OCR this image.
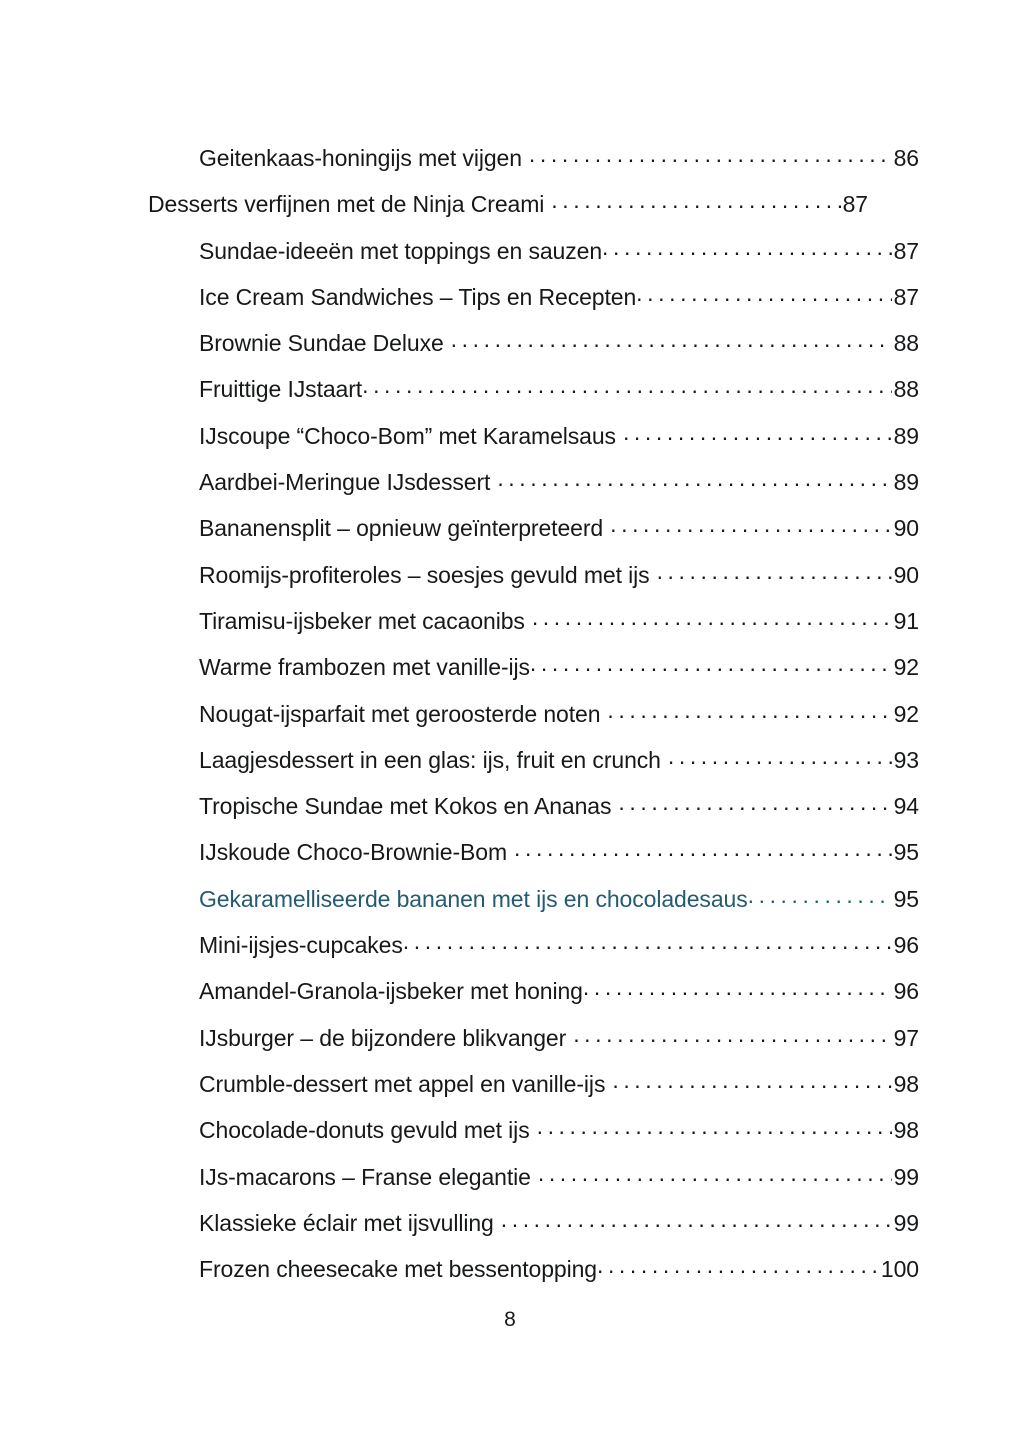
Geitenkaas-honingijs met vijgen . . .	86
Desserts verfijnen met de Ninja Creami . . .	87
Sundae-ideeën met toppings en sauzen . . .	87
Ice Cream Sandwiches – Tips en Recepten . . .	87
Brownie Sundae Deluxe . . .	88
Fruittige IJstaart . . .	88
IJscoupe “Choco-Bom” met Karamelsaus . . .	89
Aardbei-Meringue IJsdessert . . .	89
Bananensplit – opnieuw geïnterpreteerd . . .	90
Roomijs-profiteroles – soesjes gevuld met ijs . . .	90
Tiramisu-ijsbeker met cacaonibs . . .	91
Warme frambozen met vanille-ijs . . .	92
Nougat-ijsparfait met geroosterde noten . . .	92
Laagjesdessert in een glas: ijs, fruit en crunch . . .	93
Tropische Sundae met Kokos en Ananas . . .	94
IJskoude Choco-Brownie-Bom . . .	95
Gekaramelliseerde bananen met ijs en chocoladesaus . . .	95
Mini-ijsjes-cupcakes . . .	96
Amandel-Granola-ijsbeker met honing . . .	96
IJsburger – de bijzondere blikvanger . . .	97
Crumble-dessert met appel en vanille-ijs . . .	98
Chocolade-donuts gevuld met ijs . . .	98
IJs-macarons – Franse elegantie . . .	99
Klassieke éclair met ijsvulling . . .	99
Frozen cheesecake met bessentopping . . .	100
8
